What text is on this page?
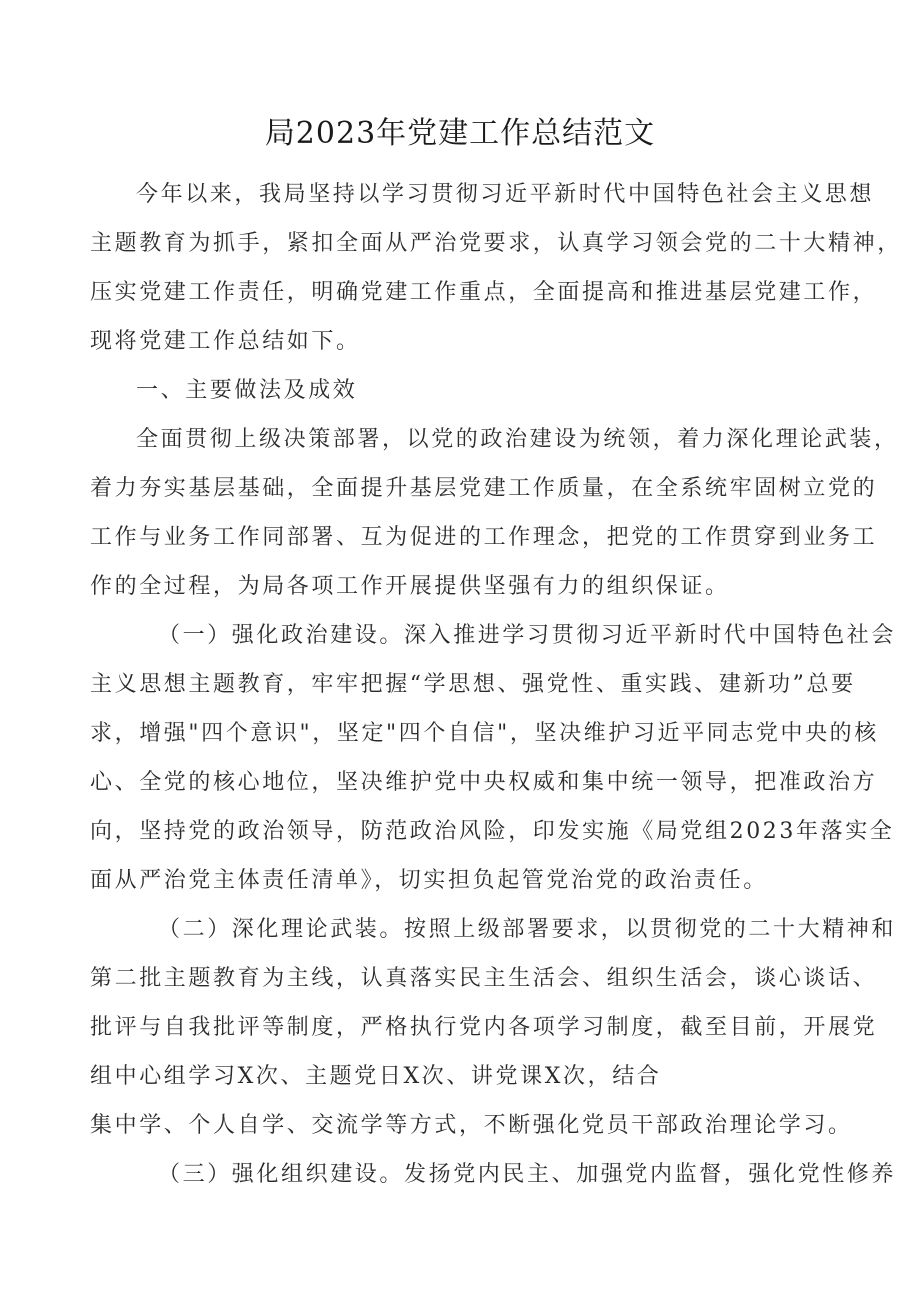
局2023年党建工作总结范文
今年以来，我局坚持以学习贯彻习近平新时代中国特色社会主义思想
主题教育为抓手，紧扣全面从严治党要求，认真学习领会党的二十大精神，
压实党建工作责任，明确党建工作重点，全面提高和推进基层党建工作，
现将党建工作总结如下。
一、主要做法及成效
全面贯彻上级决策部署，以党的政治建设为统领，着力深化理论武装，
着力夯实基层基础，全面提升基层党建工作质量，在全系统牢固树立党的
工作与业务工作同部署、互为促进的工作理念，把党的工作贯穿到业务工
作的全过程，为局各项工作开展提供坚强有力的组织保证。
（一）强化政治建设。深入推进学习贯彻习近平新时代中国特色社会
主义思想主题教育，牢牢把握“学思想、强党性、重实践、建新功”总要
求，增强"四个意识"，坚定"四个自信"，坚决维护习近平同志党中央的核
心、全党的核心地位，坚决维护党中央权威和集中统一领导，把准政治方
向，坚持党的政治领导，防范政治风险，印发实施《局党组2023年落实全
面从严治党主体责任清单》，切实担负起管党治党的政治责任。
（二）深化理论武装。按照上级部署要求，以贯彻党的二十大精神和
第二批主题教育为主线，认真落实民主生活会、组织生活会，谈心谈话、
批评与自我批评等制度，严格执行党内各项学习制度，截至目前，开展党
组中心组学习X次、主题党日X次、讲党课X次，结合
集中学、个人自学、交流学等方式，不断强化党员干部政治理论学习。
（三）强化组织建设。发扬党内民主、加强党内监督，强化党性修养
